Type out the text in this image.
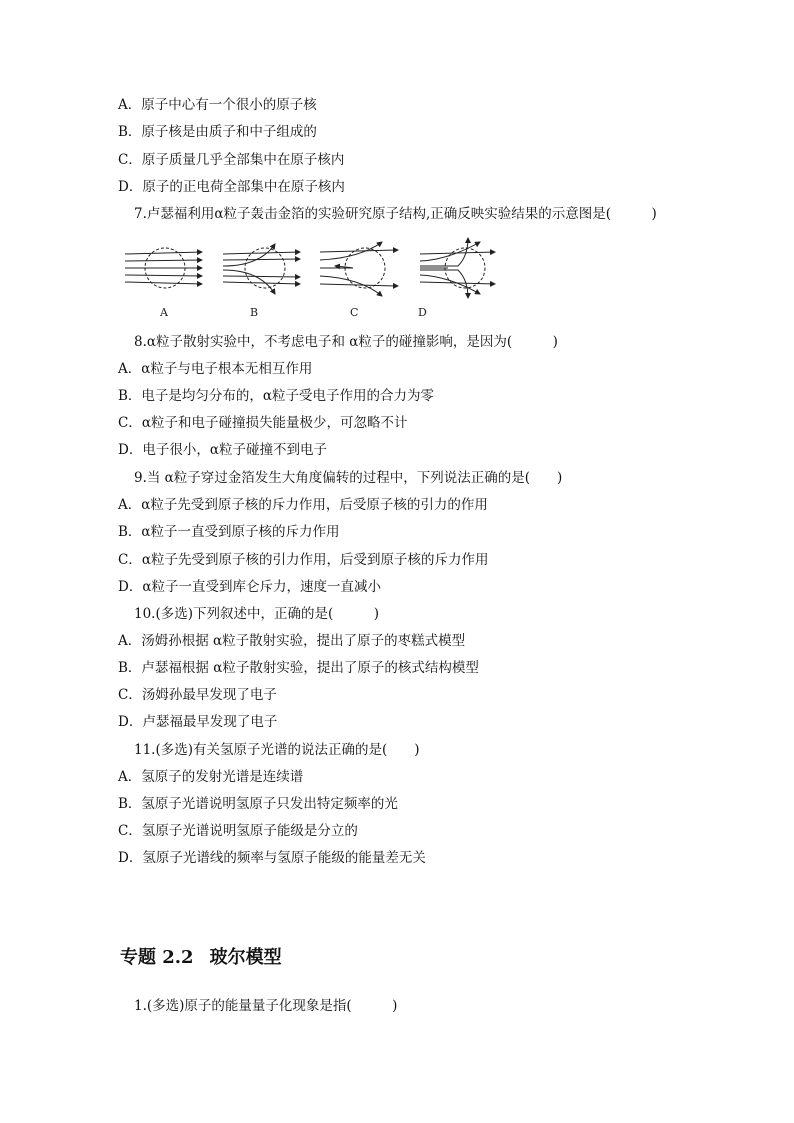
A．原子中心有一个很小的原子核
B．原子核是由质子和中子组成的
C．原子质量几乎全部集中在原子核内
D．原子的正电荷全部集中在原子核内
7.卢瑟福利用α粒子轰击金箔的实验研究原子结构,正确反映实验结果的示意图是(　　　)
A	B	C	D
8.α粒子散射实验中，不考虑电子和 α粒子的碰撞影响，是因为(　　　)
A．α粒子与电子根本无相互作用
B．电子是均匀分布的，α粒子受电子作用的合力为零
C．α粒子和电子碰撞损失能量极少，可忽略不计
D．电子很小，α粒子碰撞不到电子
9.当 α粒子穿过金箔发生大角度偏转的过程中，下列说法正确的是(　　)
A．α粒子先受到原子核的斥力作用，后受原子核的引力的作用
B．α粒子一直受到原子核的斥力作用
C．α粒子先受到原子核的引力作用，后受到原子核的斥力作用
D．α粒子一直受到库仑斥力，速度一直减小
10.(多选)下列叙述中，正确的是(　　　)
A．汤姆孙根据 α粒子散射实验，提出了原子的枣糕式模型
B．卢瑟福根据 α粒子散射实验，提出了原子的核式结构模型
C．汤姆孙最早发现了电子
D．卢瑟福最早发现了电子
11.(多选)有关氢原子光谱的说法正确的是(　　)
A．氢原子的发射光谱是连续谱
B．氢原子光谱说明氢原子只发出特定频率的光
C．氢原子光谱说明氢原子能级是分立的
D．氢原子光谱线的频率与氢原子能级的能量差无关
专题 2.2 玻尔模型
1.(多选)原子的能量量子化现象是指(　　　)
